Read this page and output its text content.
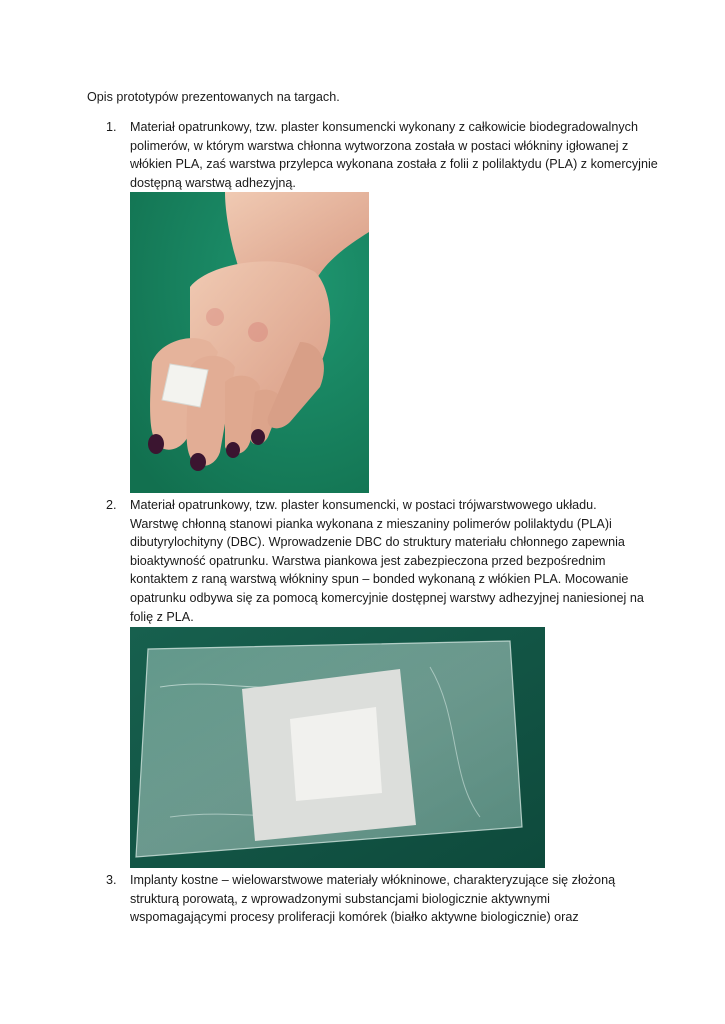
Opis prototypów prezentowanych na targach.
1. Materiał opatrunkowy, tzw. plaster konsumencki wykonany z całkowicie biodegradowalnych
polimerów, w którym warstwa chłonna wytworzona została w postaci włókniny igłowanej z
włókien PLA, zaś warstwa przylepca wykonana została z folii z polilaktydu (PLA) z komercyjnie
dostępną warstwą adhezyjną.
2. Materiał opatrunkowy, tzw. plaster konsumencki, w postaci trójwarstwowego układu.
Warstwę chłonną stanowi pianka wykonana z mieszaniny polimerów polilaktydu (PLA)i
dibutyrylochityny (DBC). Wprowadzenie DBC do struktury materiału chłonnego zapewnia
bioaktywność opatrunku. Warstwa piankowa jest zabezpieczona przed bezpośrednim
kontaktem z raną warstwą włókniny spun – bonded wykonaną z włókien PLA. Mocowanie
opatrunku odbywa się za pomocą komercyjnie dostępnej warstwy adhezyjnej naniesionej na
folię z PLA.
3. Implanty kostne – wielowarstwowe materiały włókninowe, charakteryzujące się złożoną
strukturą porowatą, z wprowadzonymi substancjami biologicznie aktywnymi
wspomagającymi procesy proliferacji komórek (białko aktywne biologicznie) oraz
